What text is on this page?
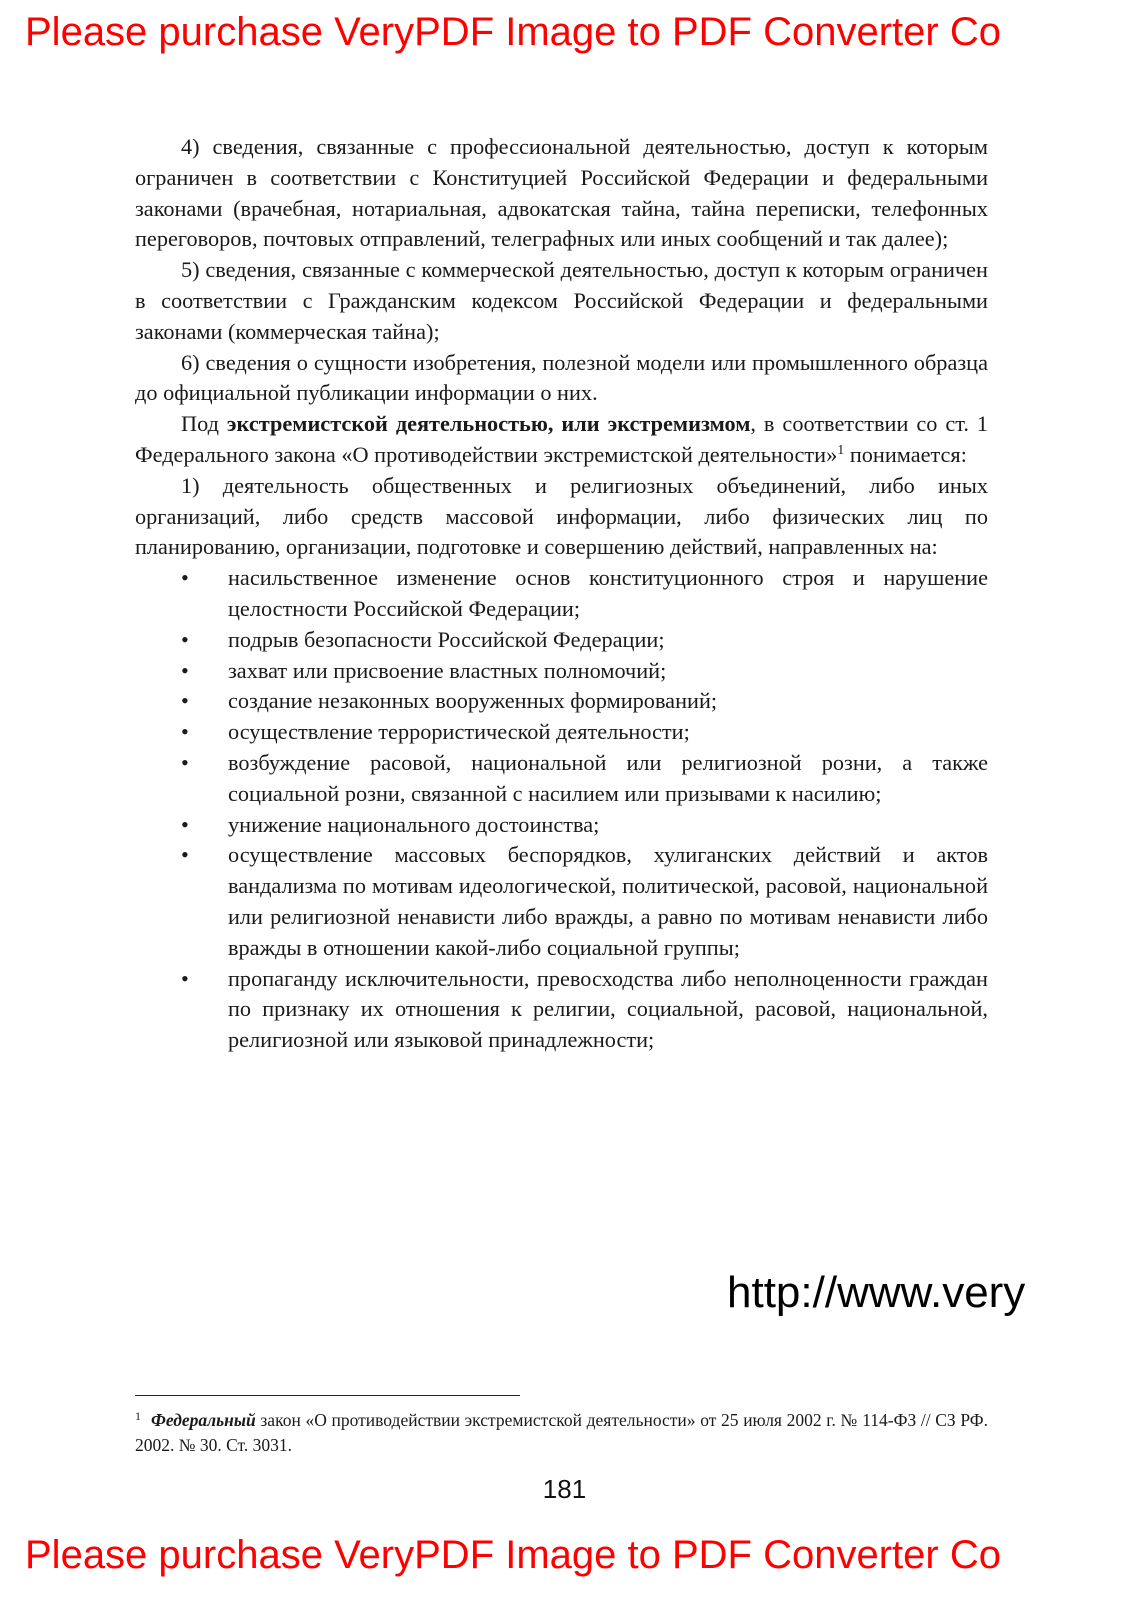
Please purchase VeryPDF Image to PDF Converter Co

4) сведения, связанные с профессиональной деятельностью, доступ к которым ограничен в соответствии с Конституцией Российской Федерации и федеральными законами (врачебная, нотариальная, адвокатская тайна, тайна переписки, телефонных переговоров, почтовых отправлений, телеграфных или иных сообщений и так далее);

5) сведения, связанные с коммерческой деятельностью, доступ к которым ограничен в соответствии с Гражданским кодексом Российской Федерации и федеральными законами (коммерческая тайна);

6) сведения о сущности изобретения, полезной модели или промышленного образца до официальной публикации информации о них.

Под экстремистской деятельностью, или экстремизмом, в соответствии со ст. 1 Федерального закона «О противодействии экстремистской деятельности»$^1$ понимается:

1) деятельность общественных и религиозных объединений, либо иных организаций, либо средств массовой информации, либо физических лиц по планированию, организации, подготовке и совершению действий, направленных на:

• насильственное изменение основ конституционного строя и нарушение целостности Российской Федерации;
• подрыв безопасности Российской Федерации;
• захват или присвоение властных полномочий;
• создание незаконных вооруженных формирований;
• осуществление террористической деятельности;
• возбуждение расовой, национальной или религиозной розни, а также социальной розни, связанной с насилием или призывами к насилию;
• унижение национального достоинства;
• осуществление массовых беспорядков, хулиганских действий и актов вандализма по мотивам идеологической, политической, расовой, национальной или религиозной ненависти либо вражды, а равно по мотивам ненависти либо вражды в отношении какой-либо социальной группы;
• пропаганду исключительности, превосходства либо неполноценности граждан по признаку их отношения к религии, социальной, расовой, национальной, религиозной или языковой принадлежности;
http://www.very
$^1$ Федеральный закон «О противодействии экстремистской деятельности» от 25 июля 2002 г. № 114-ФЗ // СЗ РФ. 2002. № 30. Ст. 3031.
181
Please purchase VeryPDF Image to PDF Converter Co
